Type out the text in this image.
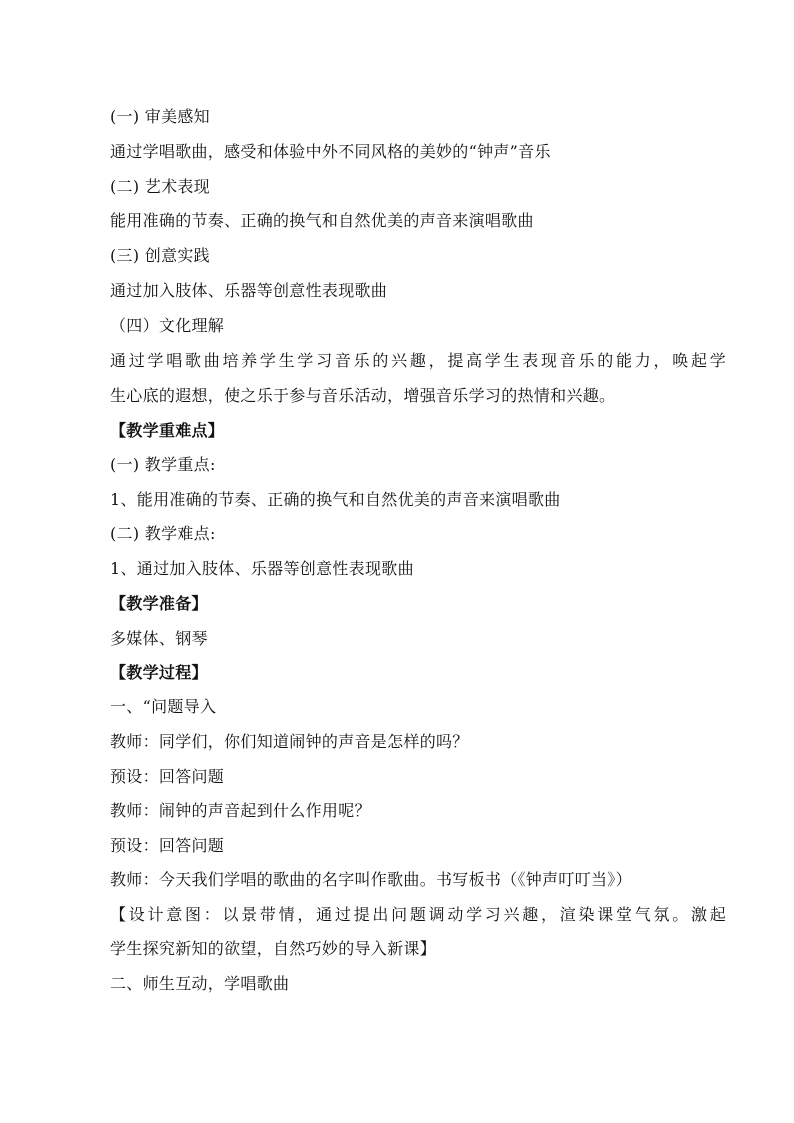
(一) 审美感知
通过学唱歌曲，感受和体验中外不同风格的美妙的“钟声”音乐
(二) 艺术表现
能用准确的节奏、正确的换气和自然优美的声音来演唱歌曲
(三) 创意实践
通过加入肢体、乐器等创意性表现歌曲
（四）文化理解
通过学唱歌曲培养学生学习音乐的兴趣，提高学生表现音乐的能力，唤起学
生心底的遐想，使之乐于参与音乐活动，增强音乐学习的热情和兴趣。
【教学重难点】
(一) 教学重点:
1、能用准确的节奏、正确的换气和自然优美的声音来演唱歌曲
(二) 教学难点:
1、通过加入肢体、乐器等创意性表现歌曲
【教学准备】
多媒体、钢琴
【教学过程】
一、“问题导入
教师：同学们，你们知道闹钟的声音是怎样的吗？
预设：回答问题
教师：闹钟的声音起到什么作用呢？
预设：回答问题
教师：今天我们学唱的歌曲的名字叫作歌曲。书写板书（《钟声叮叮当》）
【设计意图：以景带情，通过提出问题调动学习兴趣，渲染课堂气氛。激起
学生探究新知的欲望，自然巧妙的导入新课】
二、师生互动，学唱歌曲
